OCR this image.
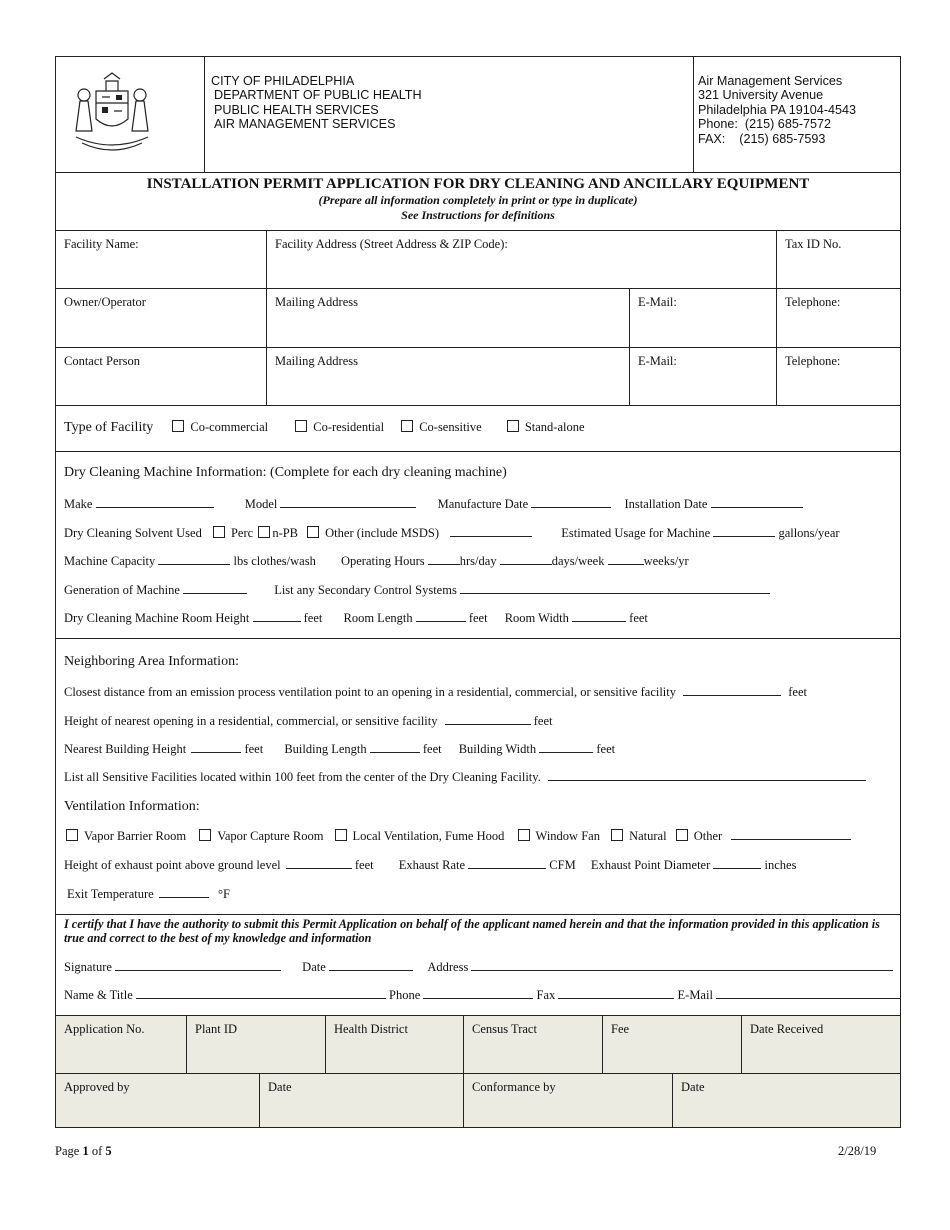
CITY OF PHILADELPHIA
DEPARTMENT OF PUBLIC HEALTH
PUBLIC HEALTH SERVICES
AIR MANAGEMENT SERVICES
Air Management Services
321 University Avenue
Philadelphia PA 19104-4543
Phone:  (215) 685-7572
FAX:    (215) 685-7593
INSTALLATION PERMIT APPLICATION FOR DRY CLEANING AND ANCILLARY EQUIPMENT
(Prepare all information completely in print or type in duplicate)
See Instructions for definitions
Facility Name:	Facility Address (Street Address & ZIP Code):	Tax ID No.
Owner/Operator	Mailing Address	E-Mail:	Telephone:
Contact Person	Mailing Address	E-Mail:	Telephone:
Type of Facility	Co-commercial	Co-residential	Co-sensitive	Stand-alone
Dry Cleaning Machine Information: (Complete for each dry cleaning machine)
Make	Model	Manufacture Date	Installation Date
Dry Cleaning Solvent Used Perc n-PB Other (include MSDS)	Estimated Usage for Machine	gallons/year
Machine Capacity	lbs clothes/wash Operating Hours	hrs/day	days/week	weeks/yr
Generation of Machine	List any Secondary Control Systems
Dry Cleaning Machine Room Height	feet Room Length	feet Room Width	feet
Neighboring Area Information:
Closest distance from an emission process ventilation point to an opening in a residential, commercial, or sensitive facility	feet
Height of nearest opening in a residential, commercial, or sensitive facility	feet
Nearest Building Height	feet Building Length	feet Building Width	feet
List all Sensitive Facilities located within 100 feet from the center of the Dry Cleaning Facility.
Ventilation Information:
Vapor Barrier Room Vapor Capture Room Local Ventilation, Fume Hood Window Fan Natural Other
Height of exhaust point above ground level	feet Exhaust Rate	CFM Exhaust Point Diameter	inches
Exit Temperature	°F
I certify that I have the authority to submit this Permit Application on behalf of the applicant named herein and that the information provided in this application is true and correct to the best of my knowledge and information
Signature	Date	Address
Name & Title	Phone	Fax	E-Mail
Application No.	Plant ID	Health District	Census Tract	Fee	Date Received
Approved by	Date	Conformance by	Date
Page 1 of 5	2/28/19
